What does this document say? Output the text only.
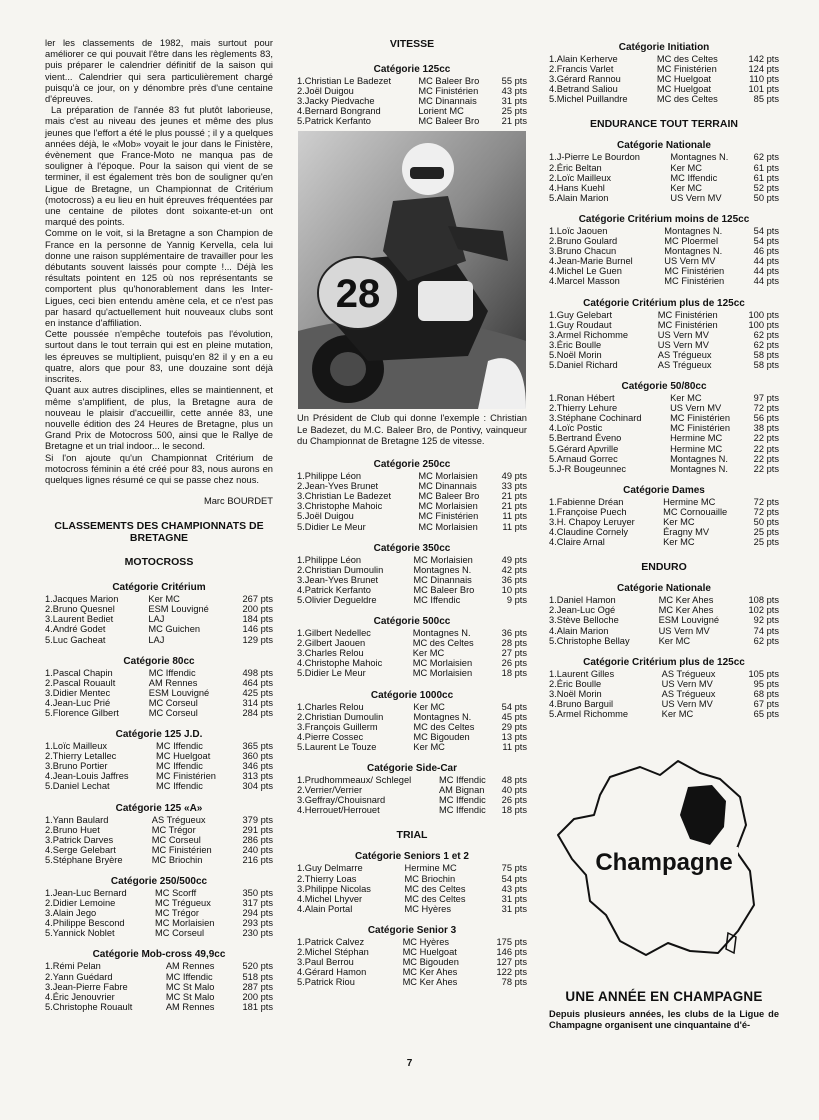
ler les classements de 1982, mais surtout pour améliorer ce qui pouvait l'être dans les règlements 83, puis préparer le calendrier définitif de la saison qui vient... Calendrier qui sera particulièrement chargé puisqu'à ce jour, on y dénombre près d'une centaine d'épreuves.

La préparation de l'année 83 fut plutôt laborieuse, mais c'est au niveau des jeunes et même des plus jeunes que l'effort a été le plus poussé ; il y a quelques années déjà, le «Mob» voyait le jour dans le Finistère, évènement que France-Moto ne manqua pas de souligner à l'époque. Pour la saison qui vient de se terminer, il est également très bon de souligner qu'en Ligue de Bretagne, un Championnat de Critérium (motocross) a eu lieu en huit épreuves fréquentées par une centaine de pilotes dont soixante-et-un ont marqué des points.

Comme on le voit, si la Bretagne a son Champion de France en la personne de Yannig Kervella, cela lui donne une raison supplémentaire de travailler pour les débutants souvent laissés pour compte !... Déjà les résultats pointent en 125 où nos représentants se comportent plus qu'honorablement dans les Inter-Ligues, ceci bien entendu amène cela, et ce n'est pas par hasard qu'actuellement huit nouveaux clubs sont en instance d'affiliation.

Cette poussée n'empêche toutefois pas l'évolution, surtout dans le tout terrain qui est en pleine mutation, les épreuves se multiplient, puisqu'en 82 il y en a eu quatre, alors que pour 83, une douzaine sont déjà inscrites.

Quant aux autres disciplines, elles se maintiennent, et même s'amplifient, de plus, la Bretagne aura de nouveau le plaisir d'accueillir, cette année 83, une nouvelle édition des 24 Heures de Bretagne, plus un Grand Prix de Motocross 500, ainsi que le Rallye de Bretagne et un trial indoor... le second.

Si l'on ajoute qu'un Championnat Critérium de motocross féminin a été créé pour 83, nous aurons en quelques lignes résumé ce qui se passe chez nous.

Marc BOURDET

CLASSEMENTS DES CHAMPIONNATS DE BRETAGNE

MOTOCROSS

Catégorie Critérium

1.Jacques Marion	Ker MC	267 pts
2.Bruno Quesnel	ESM Louvigné	200 pts
3.Laurent Bediet	LAJ	184 pts
4.André Godet	MC Guichen	146 pts
5.Luc Gacheat	LAJ	129 pts

Catégorie 80cc

1.Pascal Chapin	MC Iffendic	498 pts
2.Pascal Rouault	AM Rennes	464 pts
3.Didier Mentec	ESM Louvigné	425 pts
4.Jean-Luc Prié	MC Corseul	314 pts
5.Florence Gilbert	MC Corseul	284 pts

Catégorie 125 J.D.

1.Loïc Mailleux	MC Iffendic	365 pts
2.Thierry Letallec	MC Huelgoat	360 pts
3.Bruno Portier	MC Iffendic	346 pts
4.Jean-Louis Jaffres	MC Finistérien	313 pts
5.Daniel Lechat	MC Iffendic	304 pts

Catégorie 125 «A»

1.Yann Baulard	AS Trégueux	379 pts
2.Bruno Huet	MC Trégor	291 pts
3.Patrick Darves	MC Corseul	286 pts
4.Serge Gelebart	MC Finistérien	240 pts
5.Stéphane Bryère	MC Briochin	216 pts

Catégorie 250/500cc

1.Jean-Luc Bernard	MC Scorff	350 pts
2.Didier Lemoine	MC Trégueux	317 pts
3.Alain Jego	MC Trégor	294 pts
4.Philippe Bescond	MC Morlaisien	293 pts
5.Yannick Noblet	MC Corseul	230 pts

Catégorie Mob-cross 49,9cc

1.Rémi Pelan	AM Rennes	520 pts
2.Yann Guédard	MC Iffendic	518 pts
3.Jean-Pierre Fabre	MC St Malo	287 pts
4.Éric Jenouvrier	MC St Malo	200 pts
5.Christophe Rouault	AM Rennes	181 pts

VITESSE

Catégorie 125cc

1.Christian Le Badezet	MC Baleer Bro	55 pts
2.Joël Duigou	MC Finistérien	43 pts
3.Jacky Piedvache	MC Dinannais	31 pts
4.Bernard Bongrand	Lorient MC	25 pts
5.Patrick Kerfanto	MC Baleer Bro	21 pts
28

Un Président de Club qui donne l'exemple : Christian Le Badezet, du M.C. Baleer Bro, de Pontivy, vainqueur du Championnat de Bretagne 125 de vitesse.

Catégorie 250cc

1.Philippe Léon	MC Morlaisien	49 pts
2.Jean-Yves Brunet	MC Dinannais	33 pts
3.Christian Le Badezet	MC Baleer Bro	21 pts
3.Christophe Mahoic	MC Morlaisien	21 pts
5.Joël Duigou	MC Finistérien	11 pts
5.Didier Le Meur	MC Morlaisien	11 pts

Catégorie 350cc

1.Philippe Léon	MC Morlaisien	49 pts
2.Christian Dumoulin	Montagnes N.	42 pts
3.Jean-Yves Brunet	MC Dinannais	36 pts
4.Patrick Kerfanto	MC Baleer Bro	10 pts
5.Olivier Degueldre	MC Iffendic	9 pts

Catégorie 500cc

1.Gilbert Nedellec	Montagnes N.	36 pts
2.Gilbert Jaouen	MC des Celtes	28 pts
3.Charles Relou	Ker MC	27 pts
4.Christophe Mahoic	MC Morlaisien	26 pts
5.Didier Le Meur	MC Morlaisien	18 pts

Catégorie 1000cc

1.Charles Relou	Ker MC	54 pts
2.Christian Dumoulin	Montagnes N.	45 pts
3.François Guillerm	MC des Celtes	29 pts
4.Pierre Cossec	MC Bigouden	13 pts
5.Laurent Le Touze	Ker MC	11 pts

Catégorie Side-Car

1.Prudhommeaux/ Schlegel	MC Iffendic	48 pts
2.Verrier/Verrier	AM Bignan	40 pts
3.Geffray/Chouisnard	MC Iffendic	26 pts
4.Herrouet/Herrouet	MC Iffendic	18 pts

TRIAL

Catégorie Seniors 1 et 2

1.Guy Delmarre	Hermine MC	75 pts
2.Thierry Loas	MC Briochin	54 pts
3.Philippe Nicolas	MC des Celtes	43 pts
4.Michel Lhyver	MC des Celtes	31 pts
4.Alain Portal	MC Hyères	31 pts

Catégorie Senior 3

1.Patrick Calvez	MC Hyères	175 pts
2.Michel Stéphan	MC Huelgoat	146 pts
3.Paul Berrou	MC Bigouden	127 pts
4.Gérard Hamon	MC Ker Ahes	122 pts
5.Patrick Riou	MC Ker Ahes	78 pts

Catégorie Initiation

1.Alain Kerherve	MC des Celtes	142 pts
2.Francis Varlet	MC Finistérien	124 pts
3.Gérard Rannou	MC Huelgoat	110 pts
4.Betrand Saliou	MC Huelgoat	101 pts
5.Michel Puillandre	MC des Celtes	85 pts

ENDURANCE TOUT TERRAIN

Catégorie Nationale

1.J-Pierre Le Bourdon	Montagnes N.	62 pts
2.Éric Beltan	Ker MC	61 pts
2.Loïc Mailleux	MC Iffendic	61 pts
4.Hans Kuehl	Ker MC	52 pts
5.Alain Marion	US Vern MV	50 pts

Catégorie Critérium moins de 125cc

1.Loïc Jaouen	Montagnes N.	54 pts
2.Bruno Goulard	MC Ploermel	54 pts
3.Bruno Chacun	Montagnes N.	46 pts
4.Jean-Marie Burnel	US Vern MV	44 pts
4.Michel Le Guen	MC Finistérien	44 pts
4.Marcel Masson	MC Finistérien	44 pts

Catégorie Critérium plus de 125cc

1.Guy Gelebart	MC Finistérien	100 pts
1.Guy Roudaut	MC Finistérien	100 pts
3.Armel Richomme	US Vern MV	62 pts
3.Éric Boulle	US Vern MV	62 pts
5.Noël Morin	AS Trégueux	58 pts
5.Daniel Richard	AS Trégueux	58 pts

Catégorie 50/80cc

1.Ronan Hébert	Ker MC	97 pts
2.Thierry Lehure	US Vern MV	72 pts
3.Stéphane Cochinard	MC Finistérien	56 pts
4.Loïc Postic	MC Finistérien	38 pts
5.Bertrand Éveno	Hermine MC	22 pts
5.Gérard Apvrille	Hermine MC	22 pts
5.Arnaud Gorrec	Montagnes N.	22 pts
5.J-R Bougeunnec	Montagnes N.	22 pts

Catégorie Dames

1.Fabienne Dréan	Hermine MC	72 pts
1.Françoise Puech	MC Cornouaille	72 pts
3.H. Chapoy Leruyer	Ker MC	50 pts
4.Claudine Cornely	Éragny MV	25 pts
4.Claire Arnal	Ker MC	25 pts

ENDURO

Catégorie Nationale

1.Daniel Hamon	MC Ker Ahes	108 pts
2.Jean-Luc Ogé	MC Ker Ahes	102 pts
3.Stève Belloche	ESM Louvigné	92 pts
4.Alain Marion	US Vern MV	74 pts
5.Christophe Bellay	Ker MC	62 pts

Catégorie Critérium plus de 125cc

1.Laurent Gilles	AS Trégueux	105 pts
2.Éric Boulle	US Vern MV	95 pts
3.Noël Morin	AS Trégueux	68 pts
4.Bruno Barguil	US Vern MV	67 pts
5.Armel Richomme	Ker MC	65 pts
Champagne

UNE ANNÉE EN CHAMPAGNE

Depuis plusieurs années, les clubs de la Ligue de Champagne organisent une cinquantaine d'é-

7
